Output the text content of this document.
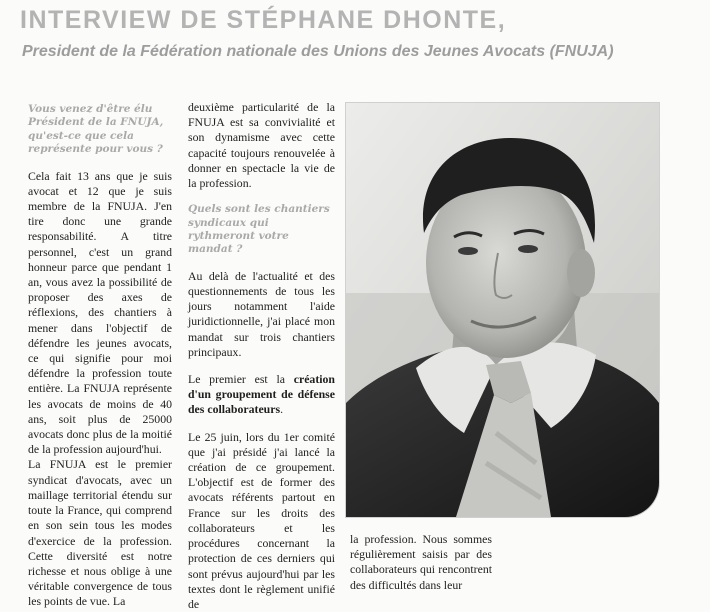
INTERVIEW DE STÉPHANE DHONTE,
President de la Fédération nationale des Unions des Jeunes Avocats (FNUJA)

Vous venez d'être élu Président de la FNUJA, qu'est-ce que cela représente pour vous ?

Cela fait 13 ans que je suis avocat et 12 que je suis membre de la FNUJA. J'en tire donc une grande responsabilité. A titre personnel, c'est un grand honneur parce que pendant 1 an, vous avez la possibilité de proposer des axes de réflexions, des chantiers à mener dans l'objectif de défendre les jeunes avocats, ce qui signifie pour moi défendre la profession toute entière. La FNUJA représente les avocats de moins de 40 ans, soit plus de 25000 avocats donc plus de la moitié de la profession aujourd'hui.

La FNUJA est le premier syndicat d'avocats, avec un maillage territorial étendu sur toute la France, qui comprend en son sein tous les modes d'exercice de la profession. Cette diversité est notre richesse et nous oblige à une véritable convergence de tous les points de vue. La

deuxième particularité de la FNUJA est sa convivialité et son dynamisme avec cette capacité toujours renouvelée à donner en spectacle la vie de la profession.

Quels sont les chantiers syndicaux qui rythmeront votre mandat ?

Au delà de l'actualité et des questionnements de tous les jours notamment l'aide juridictionnelle, j'ai placé mon mandat sur trois chantiers principaux.

Le premier est la création d'un groupement de défense des collaborateurs.

Le 25 juin, lors du 1er comité que j'ai présidé j'ai lancé la création de ce groupement. L'objectif est de former des avocats référents partout en France sur les droits des collaborateurs et les procédures concernant la protection de ces derniers qui sont prévus aujourd'hui par les textes dont le règlement unifié de

la profession. Nous sommes régulièrement saisis par des collaborateurs qui rencontrent des difficultés dans leur
